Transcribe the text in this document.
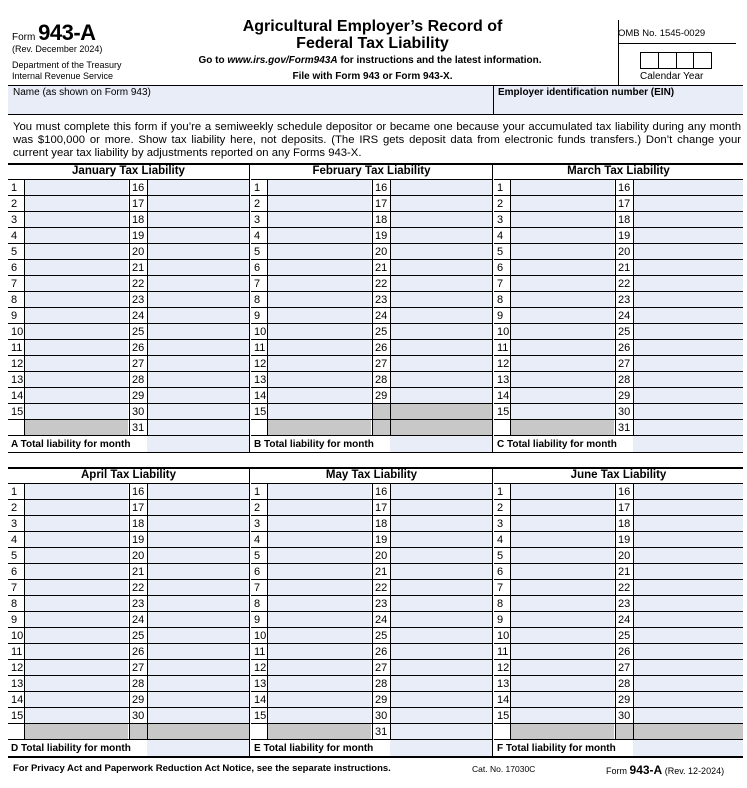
Form 943-A
(Rev. December 2024)
Department of the Treasury
Internal Revenue Service
Agricultural Employer’s Record of
Federal Tax Liability
Go to www.irs.gov/Form943A for instructions and the latest information.
File with Form 943 or Form 943-X.
OMB No. 1545-0029
Calendar Year
Name (as shown on Form 943)	Employer identification number (EIN)
You must complete this form if you’re a semiweekly schedule depositor or became one because your accumulated tax liability during any month was $100,000 or more. Show tax liability here, not deposits. (The IRS gets deposit data from electronic funds transfers.) Don’t change your current year tax liability by adjustments reported on any Forms 943-X.
January Tax Liability
1	16
2	17
3	18
4	19
5	20
6	21
7	22
8	23
9	24
10	25
11	26
12	27
13	28
14	29
15	30
31
A Total liability for month
February Tax Liability
1	16
2	17
3	18
4	19
5	20
6	21
7	22
8	23
9	24
10	25
11	26
12	27
13	28
14	29
15
B Total liability for month
March Tax Liability
1	16
2	17
3	18
4	19
5	20
6	21
7	22
8	23
9	24
10	25
11	26
12	27
13	28
14	29
15	30
31
C Total liability for month
April Tax Liability
1	16
2	17
3	18
4	19
5	20
6	21
7	22
8	23
9	24
10	25
11	26
12	27
13	28
14	29
15	30
D Total liability for month
May Tax Liability
1	16
2	17
3	18
4	19
5	20
6	21
7	22
8	23
9	24
10	25
11	26
12	27
13	28
14	29
15	30
31
E Total liability for month
June Tax Liability
1	16
2	17
3	18
4	19
5	20
6	21
7	22
8	23
9	24
10	25
11	26
12	27
13	28
14	29
15	30
F Total liability for month
For Privacy Act and Paperwork Reduction Act Notice, see the separate instructions.	Cat. No. 17030C	Form 943-A (Rev. 12-2024)
